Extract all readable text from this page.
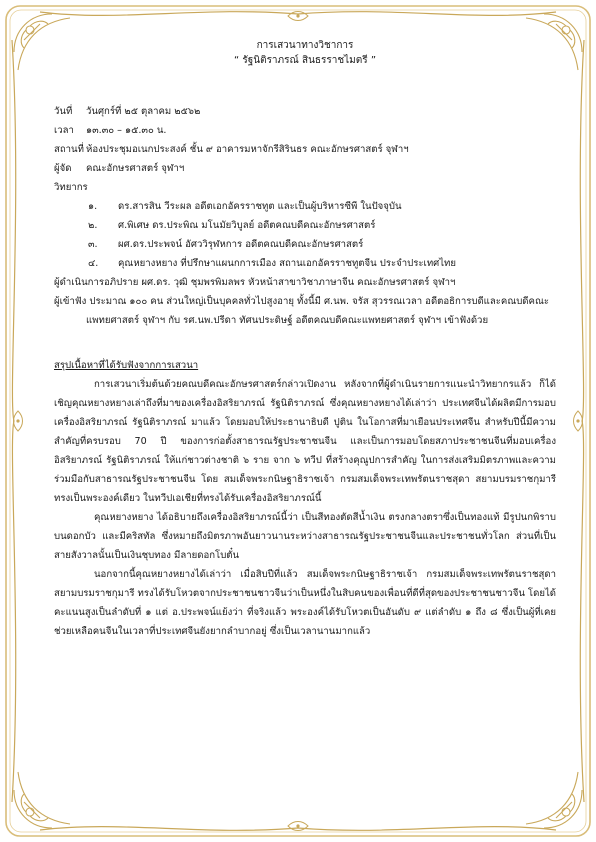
การเสวนาทางวิชาการ
“ รัฐนิติราภรณ์ สินธรราชไมตรี ”
วันที่	วันศุกร์ที่ ๒๕ ตุลาคม ๒๕๖๒
เวลา	๑๓.๓๐ – ๑๕.๓๐ น.
สถานที่ ห้องประชุมอเนกประสงค์ ชั้น ๙ อาคารมหาจักรีสิรินธร คณะอักษรศาสตร์ จุฬาฯ
ผู้จัด	คณะอักษรศาสตร์ จุฬาฯ
วิทยากร
๑.	ดร.สารสิน วีระผล อดีตเอกอัครราชทูต และเป็นผู้บริหารซีพี ในปัจจุบัน
๒.	ศ.พิเศษ ดร.ประพิณ มโนมัยวิบูลย์ อดีตคณบดีคณะอักษรศาสตร์
๓.	ผศ.ดร.ประพจน์ อัศววิรุฬหการ อดีตคณบดีคณะอักษรศาสตร์
๔.	คุณหยางหยาง ที่ปรึกษาแผนกการเมือง สถานเอกอัครราชทูตจีน ประจำประเทศไทย
ผู้ดำเนินการอภิปราย ผศ.ดร. วุฒิ ชุมพรพิมลพร หัวหน้าสาขาวิชาภาษาจีน คณะอักษรศาสตร์ จุฬาฯ
ผู้เข้าฟัง ประมาณ ๑๐๐ คน ส่วนใหญ่เป็นบุคคลทั่วไปสูงอายุ ทั้งนี้มี ศ.นพ. จรัส สุวรรณเวลา อดีตอธิการบดีและคณบดีคณะแพทยศาสตร์ จุฬาฯ กับ รศ.นพ.ปรีดา ทัศนประดิษฐ์ อดีตคณบดีคณะแพทยศาสตร์ จุฬาฯ เข้าฟังด้วย
สรุปเนื้อหาที่ได้รับฟังจากการเสวนา

การเสวนาเริ่มต้นด้วยคณบดีคณะอักษรศาสตร์กล่าวเปิดงาน หลังจากที่ผู้ดำเนินรายการแนะนำวิทยากรแล้ว ก็ได้เชิญคุณหยางหยางเล่าถึงที่มาของเครื่องอิสริยาภรณ์ รัฐนิติราภรณ์ ซึ่งคุณหยางหยางได้เล่าว่า ประเทศจีนได้ผลิตมีการมอบเครื่องอิสริยาภรณ์ รัฐนิติราภรณ์ มาแล้ว โดยมอบให้ประธานาธิบดี ปูติน ในโอกาสที่มาเยือนประเทศจีน สำหรับปีนี้มีความสำคัญที่ครบรอบ 70 ปี ของการก่อตั้งสาธารณรัฐประชาชนจีน และเป็นการมอบโดยสภาประชาชนจีนที่มอบเครื่องอิสริยาภรณ์ รัฐนิติราภรณ์ ให้แก่ชาวต่างชาติ ๖ ราย จาก ๖ ทวีป ที่สร้างคุณูปการสำคัญ ในการส่งเสริมมิตรภาพและความร่วมมือกับสาธารณรัฐประชาชนจีน โดย สมเด็จพระกนิษฐาธิราชเจ้า กรมสมเด็จพระเทพรัตนราชสุดา สยามบรมราชกุมารี ทรงเป็นพระองค์เดียว ในทวีปเอเชียที่ทรงได้รับเครื่องอิสริยาภรณ์นี้

คุณหยางหยาง ได้อธิบายถึงเครื่องอิสริยาภรณ์นี้ว่า เป็นสีทองตัดสีน้ำเงิน ตรงกลางตราซึ่งเป็นทองแท้ มีรูปนกพิราบบนดอกบัว และมีคริสทัล ซึ่งหมายถึงมิตรภาพอันยาวนานระหว่างสาธารณรัฐประชาชนจีนและประชาชนทั่วโลก ส่วนที่เป็นสายสังวาลนั้นเป็นเงินชุบทอง มีลายดอกโบตั๋น

นอกจากนี้คุณหยางหยางได้เล่าว่า เมื่อสิบปีที่แล้ว สมเด็จพระกนิษฐาธิราชเจ้า กรมสมเด็จพระเทพรัตนราชสุดา สยามบรมราชกุมารี ทรงได้รับโหวตจากประชาชนชาวจีนว่าเป็นหนึ่งในสิบคนของเพื่อนที่ดีที่สุดของประชาชนชาวจีน โดยได้คะแนนสูงเป็นลำดับที่ ๑ แต่ อ.ประพจน์แย้งว่า ที่จริงแล้ว พระองค์ได้รับโหวตเป็นอันดับ ๙ แต่ลำดับ ๑ ถึง ๘ ซึ่งเป็นผู้ที่เคยช่วยเหลือคนจีนในเวลาที่ประเทศจีนยังยากลำบากอยู่ ซึ่งเป็นเวลานานมากแล้ว
